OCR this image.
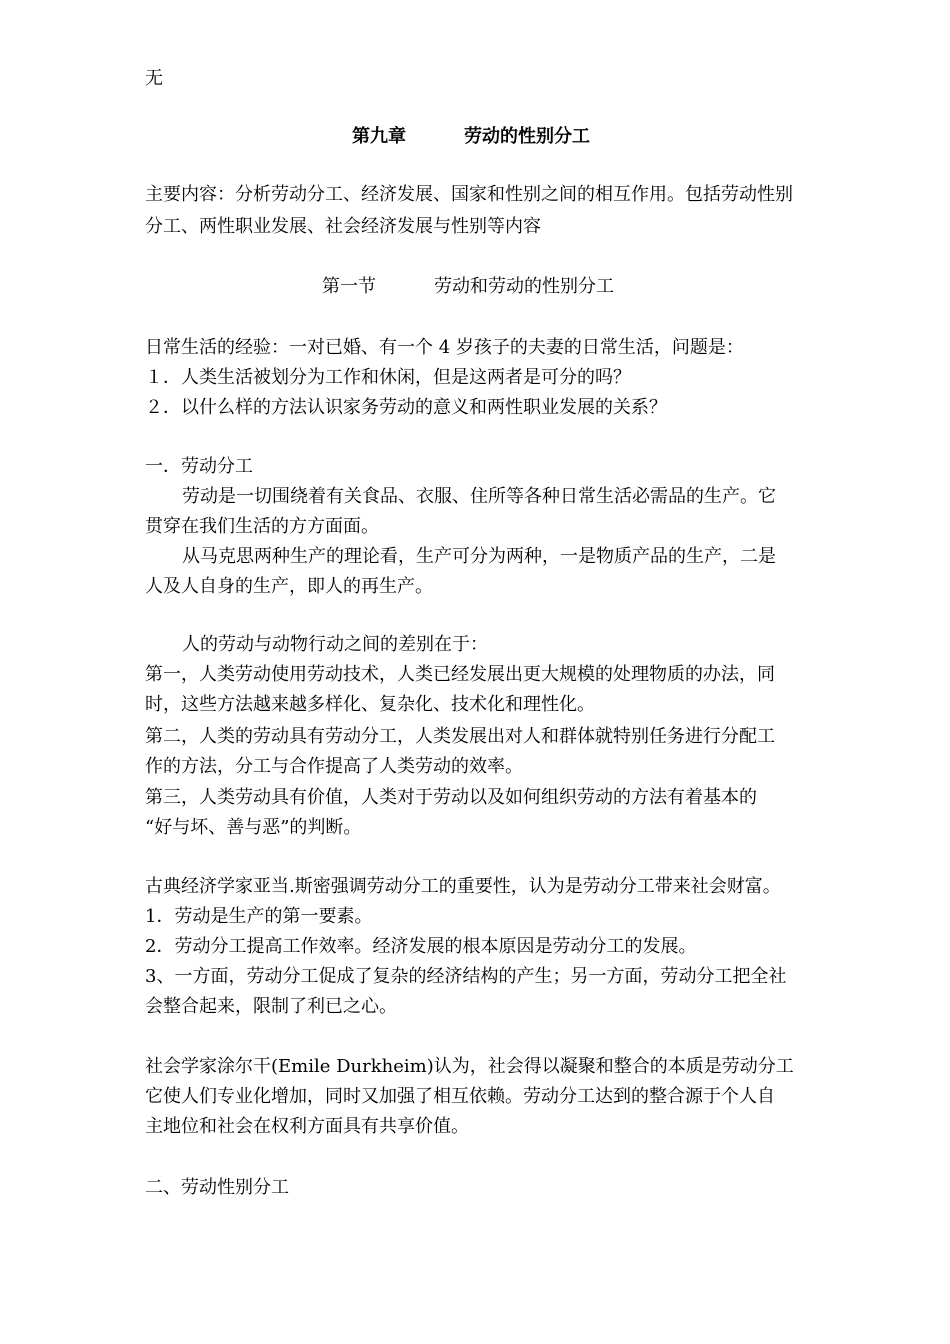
无
第九章	劳动的性别分工
主要内容：分析劳动分工、经济发展、国家和性别之间的相互作用。包括劳动性别
分工、两性职业发展、社会经济发展与性别等内容
第一节	劳动和劳动的性别分工
日常生活的经验：一对已婚、有一个 4 岁孩子的夫妻的日常生活，问题是：
１．人类生活被划分为工作和休闲，但是这两者是可分的吗？
２．以什么样的方法认识家务劳动的意义和两性职业发展的关系？
一．劳动分工
劳动是一切围绕着有关食品、衣服、住所等各种日常生活必需品的生产。它
贯穿在我们生活的方方面面。
从马克思两种生产的理论看，生产可分为两种，一是物质产品的生产，二是
人及人自身的生产，即人的再生产。
人的劳动与动物行动之间的差别在于：
第一，人类劳动使用劳动技术，人类已经发展出更大规模的处理物质的办法，同
时，这些方法越来越多样化、复杂化、技术化和理性化。
第二，人类的劳动具有劳动分工，人类发展出对人和群体就特别任务进行分配工
作的方法，分工与合作提高了人类劳动的效率。
第三，人类劳动具有价值，人类对于劳动以及如何组织劳动的方法有着基本的
“好与坏、善与恶”的判断。
古典经济学家亚当.斯密强调劳动分工的重要性，认为是劳动分工带来社会财富。
1．劳动是生产的第一要素。
2．劳动分工提高工作效率。经济发展的根本原因是劳动分工的发展。
3、一方面，劳动分工促成了复杂的经济结构的产生；另一方面，劳动分工把全社
会整合起来，限制了利已之心。
社会学家涂尔干(Emile Durkheim)认为，社会得以凝聚和整合的本质是劳动分工
它使人们专业化增加，同时又加强了相互依赖。劳动分工达到的整合源于个人自
主地位和社会在权利方面具有共享价值。
二、劳动性别分工
